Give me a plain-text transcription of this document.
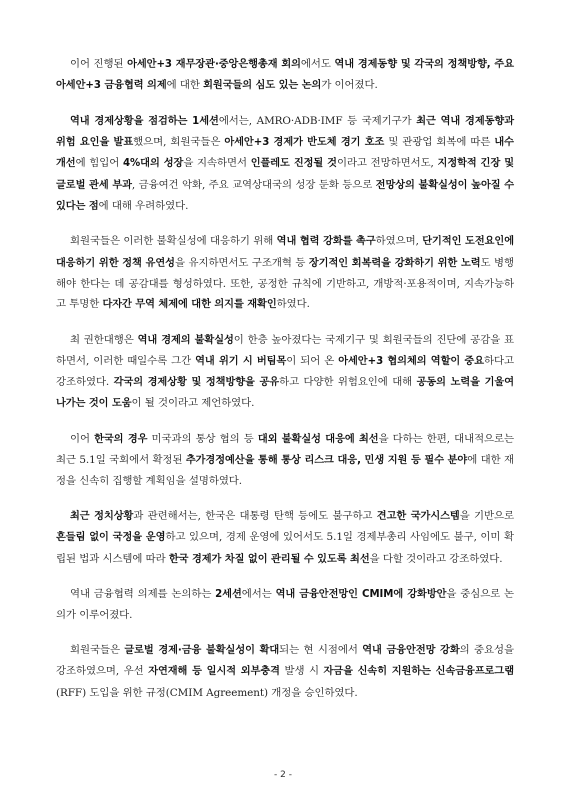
이어 진행된 아세안+3 재무장관·중앙은행총재 회의에서도 역내 경제동향 및 각국의 정책방향, 주요 아세안+3 금융협력 의제에 대한 회원국들의 심도 있는 논의가 이어졌다.

역내 경제상황을 점검하는 1세션에서는, AMRO·ADB·IMF 등 국제기구가 최근 역내 경제동향과 위험 요인을 발표했으며, 회원국들은 아세안+3 경제가 반도체 경기 호조 및 관광업 회복에 따른 내수 개선에 힘입어 4%대의 성장을 지속하면서 인플레도 진정될 것이라고 전망하면서도, 지정학적 긴장 및 글로벌 관세 부과, 금융여건 악화, 주요 교역상대국의 성장 둔화 등으로 전망상의 불확실성이 높아질 수 있다는 점에 대해 우려하였다.

회원국들은 이러한 불확실성에 대응하기 위해 역내 협력 강화를 촉구하였으며, 단기적인 도전요인에 대응하기 위한 정책 유연성을 유지하면서도 구조개혁 등 장기적인 회복력을 강화하기 위한 노력도 병행해야 한다는 데 공감대를 형성하였다. 또한, 공정한 규칙에 기반하고, 개방적·포용적이며, 지속가능하고 투명한 다자간 무역 체제에 대한 의지를 재확인하였다.

최 권한대행은 역내 경제의 불확실성이 한층 높아졌다는 국제기구 및 회원국들의 진단에 공감을 표하면서, 이러한 때일수록 그간 역내 위기 시 버팀목이 되어 온 아세안+3 협의체의 역할이 중요하다고 강조하였다. 각국의 경제상황 및 정책방향을 공유하고 다양한 위험요인에 대해 공동의 노력을 기울여 나가는 것이 도움이 될 것이라고 제언하였다.

이어 한국의 경우 미국과의 통상 협의 등 대외 불확실성 대응에 최선을 다하는 한편, 대내적으로는 최근 5.1일 국회에서 확정된 추가경정예산을 통해 통상 리스크 대응, 민생 지원 등 필수 분야에 대한 재정을 신속히 집행할 계획임을 설명하였다.

최근 정치상황과 관련해서는, 한국은 대통령 탄핵 등에도 불구하고 견고한 국가시스템을 기반으로 흔들림 없이 국정을 운영하고 있으며, 경제 운영에 있어서도 5.1일 경제부총리 사임에도 불구, 이미 확립된 법과 시스템에 따라 한국 경제가 차질 없이 관리될 수 있도록 최선을 다할 것이라고 강조하였다.

역내 금융협력 의제를 논의하는 2세션에서는 역내 금융안전망인 CMIM에 강화방안을 중심으로 논의가 이루어졌다.

회원국들은 글로벌 경제·금융 불확실성이 확대되는 현 시점에서 역내 금융안전망 강화의 중요성을 강조하였으며, 우선 자연재해 등 일시적 외부충격 발생 시 자금을 신속히 지원하는 신속금융프로그램(RFF) 도입을 위한 규정(CMIM Agreement) 개정을 승인하였다.

- 2 -
